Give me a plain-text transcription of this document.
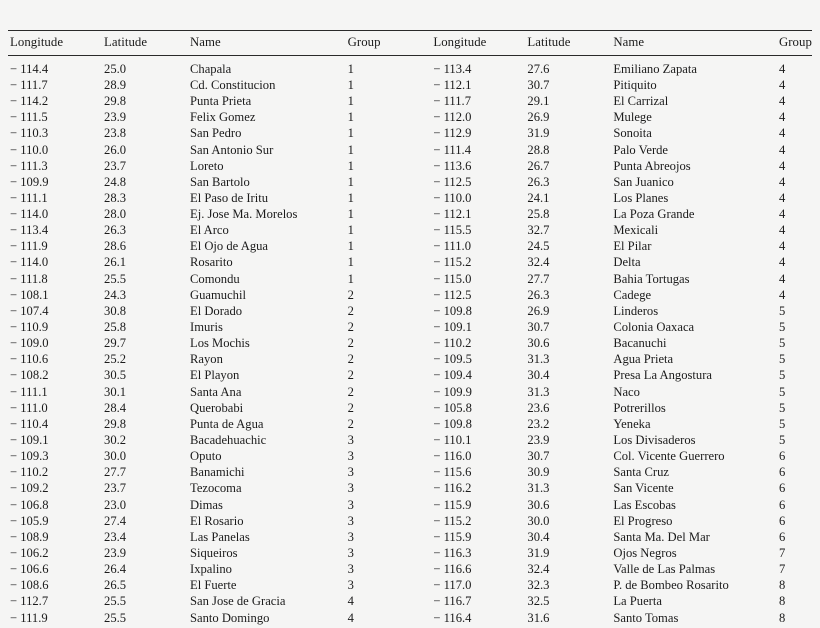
Longitude	Latitude	Name	Group		Longitude	Latitude	Name	Group
− 114.4	25.0	Chapala	1		− 113.4	27.6	Emiliano Zapata	4
− 111.7	28.9	Cd. Constitucion	1		− 112.1	30.7	Pitiquito	4
− 114.2	29.8	Punta Prieta	1		− 111.7	29.1	El Carrizal	4
− 111.5	23.9	Felix Gomez	1		− 112.0	26.9	Mulege	4
− 110.3	23.8	San Pedro	1		− 112.9	31.9	Sonoita	4
− 110.0	26.0	San Antonio Sur	1		− 111.4	28.8	Palo Verde	4
− 111.3	23.7	Loreto	1		− 113.6	26.7	Punta Abreojos	4
− 109.9	24.8	San Bartolo	1		− 112.5	26.3	San Juanico	4
− 111.1	28.3	El Paso de Iritu	1		− 110.0	24.1	Los Planes	4
− 114.0	28.0	Ej. Jose Ma. Morelos	1		− 112.1	25.8	La Poza Grande	4
− 113.4	26.3	El Arco	1		− 115.5	32.7	Mexicali	4
− 111.9	28.6	El Ojo de Agua	1		− 111.0	24.5	El Pilar	4
− 114.0	26.1	Rosarito	1		− 115.2	32.4	Delta	4
− 111.8	25.5	Comondu	1		− 115.0	27.7	Bahia Tortugas	4
− 108.1	24.3	Guamuchil	2		− 112.5	26.3	Cadege	4
− 107.4	30.8	El Dorado	2		− 109.8	26.9	Linderos	5
− 110.9	25.8	Imuris	2		− 109.1	30.7	Colonia Oaxaca	5
− 109.0	29.7	Los Mochis	2		− 110.2	30.6	Bacanuchi	5
− 110.6	25.2	Rayon	2		− 109.5	31.3	Agua Prieta	5
− 108.2	30.5	El Playon	2		− 109.4	30.4	Presa La Angostura	5
− 111.1	30.1	Santa Ana	2		− 109.9	31.3	Naco	5
− 111.0	28.4	Querobabi	2		− 105.8	23.6	Potrerillos	5
− 110.4	29.8	Punta de Agua	2		− 109.8	23.2	Yeneka	5
− 109.1	30.2	Bacadehuachic	3		− 110.1	23.9	Los Divisaderos	5
− 109.3	30.0	Oputo	3		− 116.0	30.7	Col. Vicente Guerrero	6
− 110.2	27.7	Banamichi	3		− 115.6	30.9	Santa Cruz	6
− 109.2	23.7	Tezocoma	3		− 116.2	31.3	San Vicente	6
− 106.8	23.0	Dimas	3		− 115.9	30.6	Las Escobas	6
− 105.9	27.4	El Rosario	3		− 115.2	30.0	El Progreso	6
− 108.9	23.4	Las Panelas	3		− 115.9	30.4	Santa Ma. Del Mar	6
− 106.2	23.9	Siqueiros	3		− 116.3	31.9	Ojos Negros	7
− 106.6	26.4	Ixpalino	3		− 116.6	32.4	Valle de Las Palmas	7
− 108.6	26.5	El Fuerte	3		− 117.0	32.3	P. de Bombeo Rosarito	8
− 112.7	25.5	San Jose de Gracia	4		− 116.7	32.5	La Puerta	8
− 111.9	25.5	Santo Domingo	4		− 116.4	31.6	Santo Tomas	8
